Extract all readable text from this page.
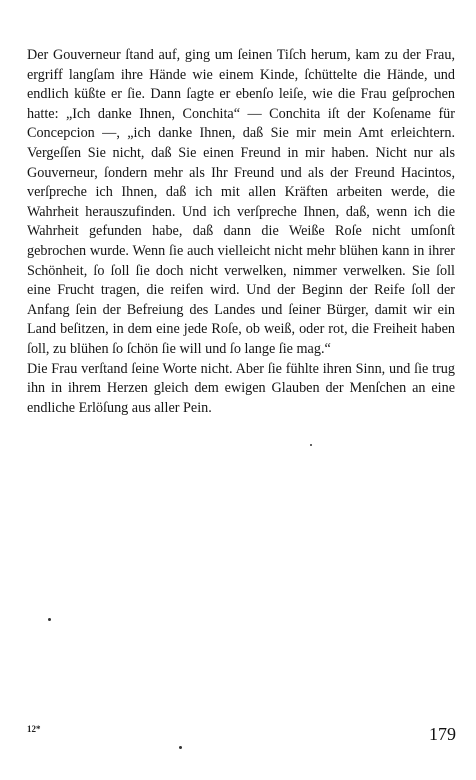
Der Gouverneur ſtand auf, ging um ſeinen Tiſch herum, kam zu der Frau, ergriff langſam ihre Hände wie einem Kinde, ſchüttelte die Hände, und endlich küßte er ſie. Dann ſagte er ebenſo leiſe, wie die Frau geſprochen hatte: „Ich danke Ihnen, Conchita“ — Conchita iſt der Koſename für Concepcion —, „ich danke Ihnen, daß Sie mir mein Amt erleichtern. Vergeſſen Sie nicht, daß Sie einen Freund in mir haben. Nicht nur als Gouverneur, ſondern mehr als Ihr Freund und als der Freund Hacintos, verſpreche ich Ihnen, daß ich mit allen Kräften arbeiten werde, die Wahrheit herauszufinden. Und ich verſpreche Ihnen, daß, wenn ich die Wahrheit gefunden habe, daß dann die Weiße Roſe nicht umſonſt gebrochen wurde. Wenn ſie auch vielleicht nicht mehr blühen kann in ihrer Schönheit, ſo ſoll ſie doch nicht verwelken, nimmer verwelken. Sie ſoll eine Frucht tragen, die reifen wird. Und der Beginn der Reife ſoll der Anfang ſein der Befreiung des Landes und ſeiner Bürger, damit wir ein Land beſitzen, in dem eine jede Roſe, ob weiß, oder rot, die Freiheit haben ſoll, zu blühen ſo ſchön ſie will und ſo lange ſie mag.“

Die Frau verſtand ſeine Worte nicht. Aber ſie fühlte ihren Sinn, und ſie trug ihn in ihrem Herzen gleich dem ewigen Glauben der Menſchen an eine endliche Erlöſung aus aller Pein.

12*	179
